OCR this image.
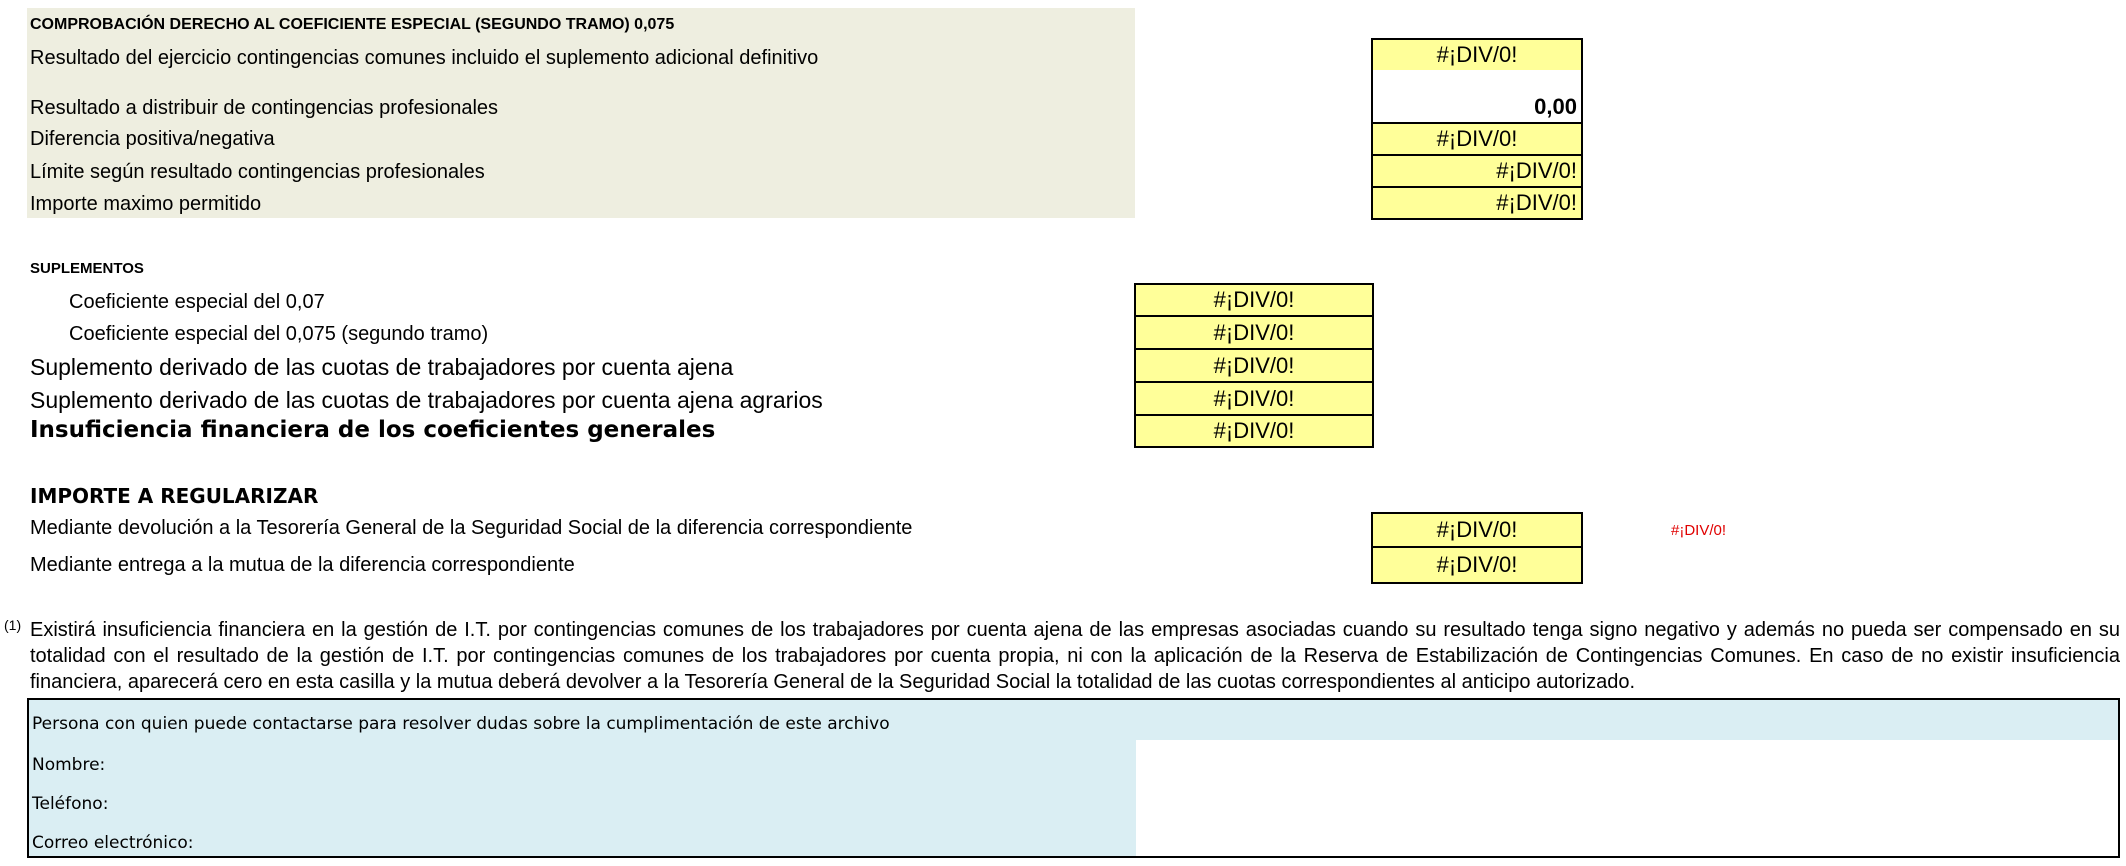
COMPROBACIÓN DERECHO AL COEFICIENTE ESPECIAL (SEGUNDO TRAMO) 0,075
Resultado del ejercicio contingencias comunes incluido el suplemento adicional definitivo
Resultado a distribuir de contingencias profesionales
Diferencia positiva/negativa
Límite según resultado contingencias profesionales
Importe maximo permitido
#¡DIV/0!
0,00
#¡DIV/0!
#¡DIV/0!
#¡DIV/0!
SUPLEMENTOS
Coeficiente especial del 0,07
Coeficiente especial del 0,075 (segundo tramo)
Suplemento derivado de las cuotas de trabajadores por cuenta ajena
Suplemento derivado de las cuotas de trabajadores por cuenta ajena agrarios
Insuficiencia financiera de los coeficientes generales
#¡DIV/0!
#¡DIV/0!
#¡DIV/0!
#¡DIV/0!
#¡DIV/0!
IMPORTE A REGULARIZAR
Mediante devolución a la Tesorería General de la Seguridad Social de la diferencia correspondiente
Mediante entrega a la mutua de la diferencia correspondiente
#¡DIV/0!
#¡DIV/0!
#¡DIV/0!
(1) Existirá insuficiencia financiera en la gestión de I.T. por contingencias comunes de los trabajadores por cuenta ajena de las empresas asociadas cuando su resultado tenga signo negativo y además no pueda ser compensado en su totalidad con el resultado de la gestión de I.T. por contingencias comunes de los trabajadores por cuenta propia, ni con la aplicación de la Reserva de Estabilización de Contingencias Comunes. En caso de no existir insuficiencia financiera, aparecerá cero en esta casilla y la mutua deberá devolver a la Tesorería General de la Seguridad Social la totalidad de las cuotas correspondientes al anticipo autorizado.
Persona con quien puede contactarse para resolver dudas sobre la cumplimentación de este archivo
Nombre:
Teléfono:
Correo electrónico:
